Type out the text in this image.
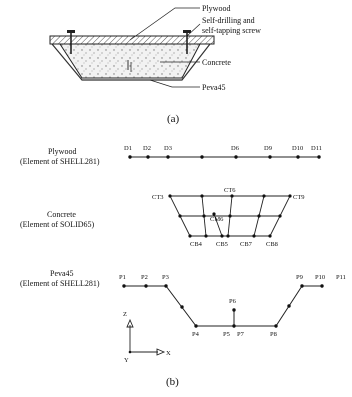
Plywood
Self-drilling and
self-tapping screw
Concrete
Peva45
(a)
Plywood
(Element of SHELL281)
Concrete
(Element of SOLID65)
Peva45
(Element of SHELL281)
D1 D2 D3	D6	D9	D10 D11
CT3
CT6
CT9
CM6
CB4 CB5 CB7 CB8
P1 P2 P3
P4	P5
P6
P7	P8
P9 P10 P11
Z
Y
X
(b)
